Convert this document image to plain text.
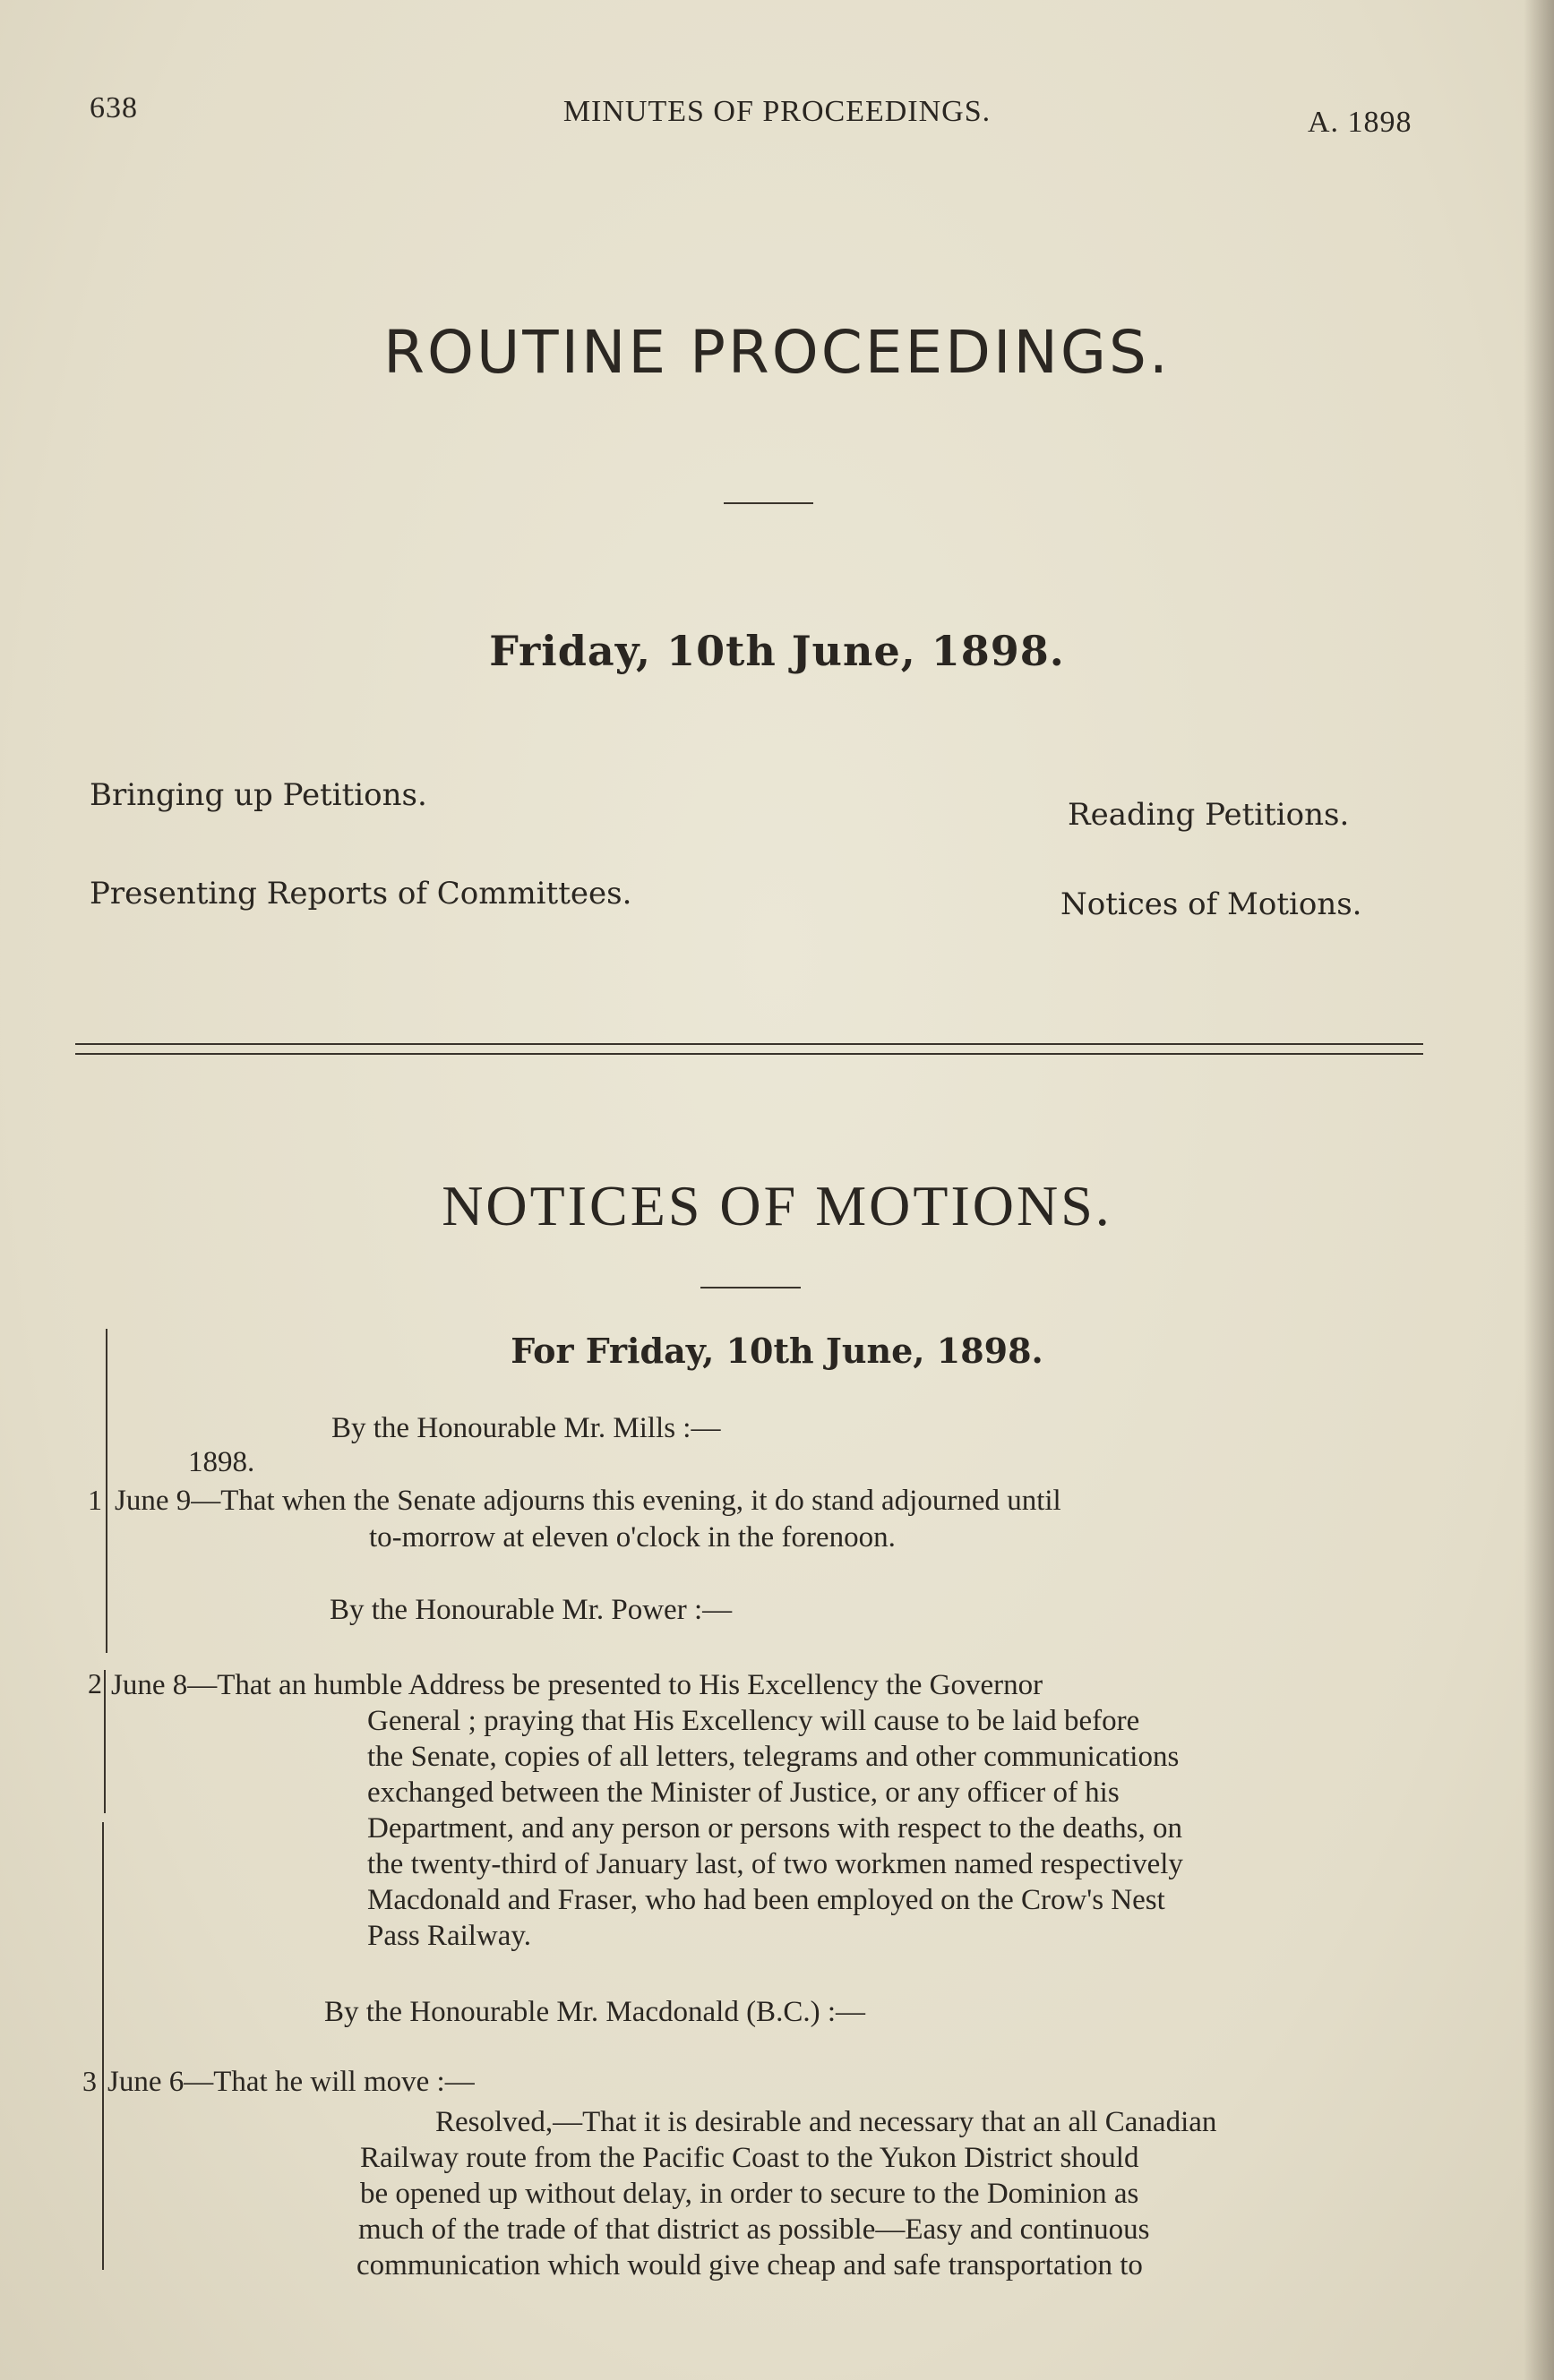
638	MINUTES OF PROCEEDINGS.	A. 1898
ROUTINE PROCEEDINGS.
Friday, 10th June, 1898.
Bringing up Petitions.
Reading Petitions.
Presenting Reports of Committees.	Notices of Motions.
NOTICES OF MOTIONS.
For Friday, 10th June, 1898.
By the Honourable Mr. Mills :—
1898.
1 June 9—That when the Senate adjourns this evening, it do stand adjourned until
to-morrow at eleven o'clock in the forenoon.
By the Honourable Mr. Power :—
2 June 8—That an humble Address be presented to His Excellency the Governor
General ; praying that His Excellency will cause to be laid before
the Senate, copies of all letters, telegrams and other communications
exchanged between the Minister of Justice, or any officer of his
Department, and any person or persons with respect to the deaths, on
the twenty-third of January last, of two workmen named respectively
Macdonald and Fraser, who had been employed on the Crow's Nest
Pass Railway.
By the Honourable Mr. Macdonald (B.C.) :—
3 June 6—That he will move :—
Resolved,—That it is desirable and necessary that an all Canadian
Railway route from the Pacific Coast to the Yukon District should
be opened up without delay, in order to secure to the Dominion as
much of the trade of that district as possible—Easy and continuous
communication which would give cheap and safe transportation to
